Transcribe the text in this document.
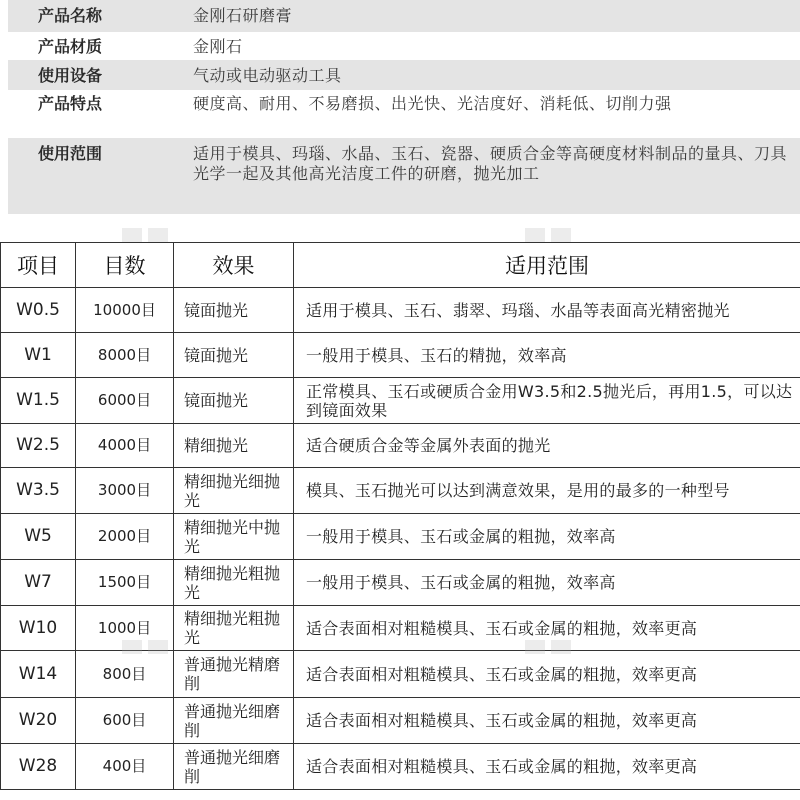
产品名称	金刚石研磨膏
产品材质	金刚石
使用设备	气动或电动驱动工具
产品特点	硬度高、耐用、不易磨损、出光快、光洁度好、消耗低、切削力强
使用范围	适用于模具、玛瑙、水晶、玉石、瓷器、硬质合金等高硬度材料制品的量具、刀具光学一起及其他高光洁度工件的研磨，抛光加工
项目	目数	效果	适用范围
W0.5	10000目	镜面抛光	适用于模具、玉石、翡翠、玛瑙、水晶等表面高光精密抛光
W1	8000目	镜面抛光	一般用于模具、玉石的精抛，效率高
W1.5	6000目	镜面抛光	正常模具、玉石或硬质合金用W3.5和2.5抛光后，再用1.5，可以达到镜面效果
W2.5	4000目	精细抛光	适合硬质合金等金属外表面的抛光
W3.5	3000目	精细抛光细抛光	模具、玉石抛光可以达到满意效果，是用的最多的一种型号
W5	2000目	精细抛光中抛光	一般用于模具、玉石或金属的粗抛，效率高
W7	1500目	精细抛光粗抛光	一般用于模具、玉石或金属的粗抛，效率高
W10	1000目	精细抛光粗抛光	适合表面相对粗糙模具、玉石或金属的粗抛，效率更高
W14	800目	普通抛光精磨削	适合表面相对粗糙模具、玉石或金属的粗抛，效率更高
W20	600目	普通抛光细磨削	适合表面相对粗糙模具、玉石或金属的粗抛，效率更高
W28	400目	普通抛光细磨削	适合表面相对粗糙模具、玉石或金属的粗抛，效率更高
